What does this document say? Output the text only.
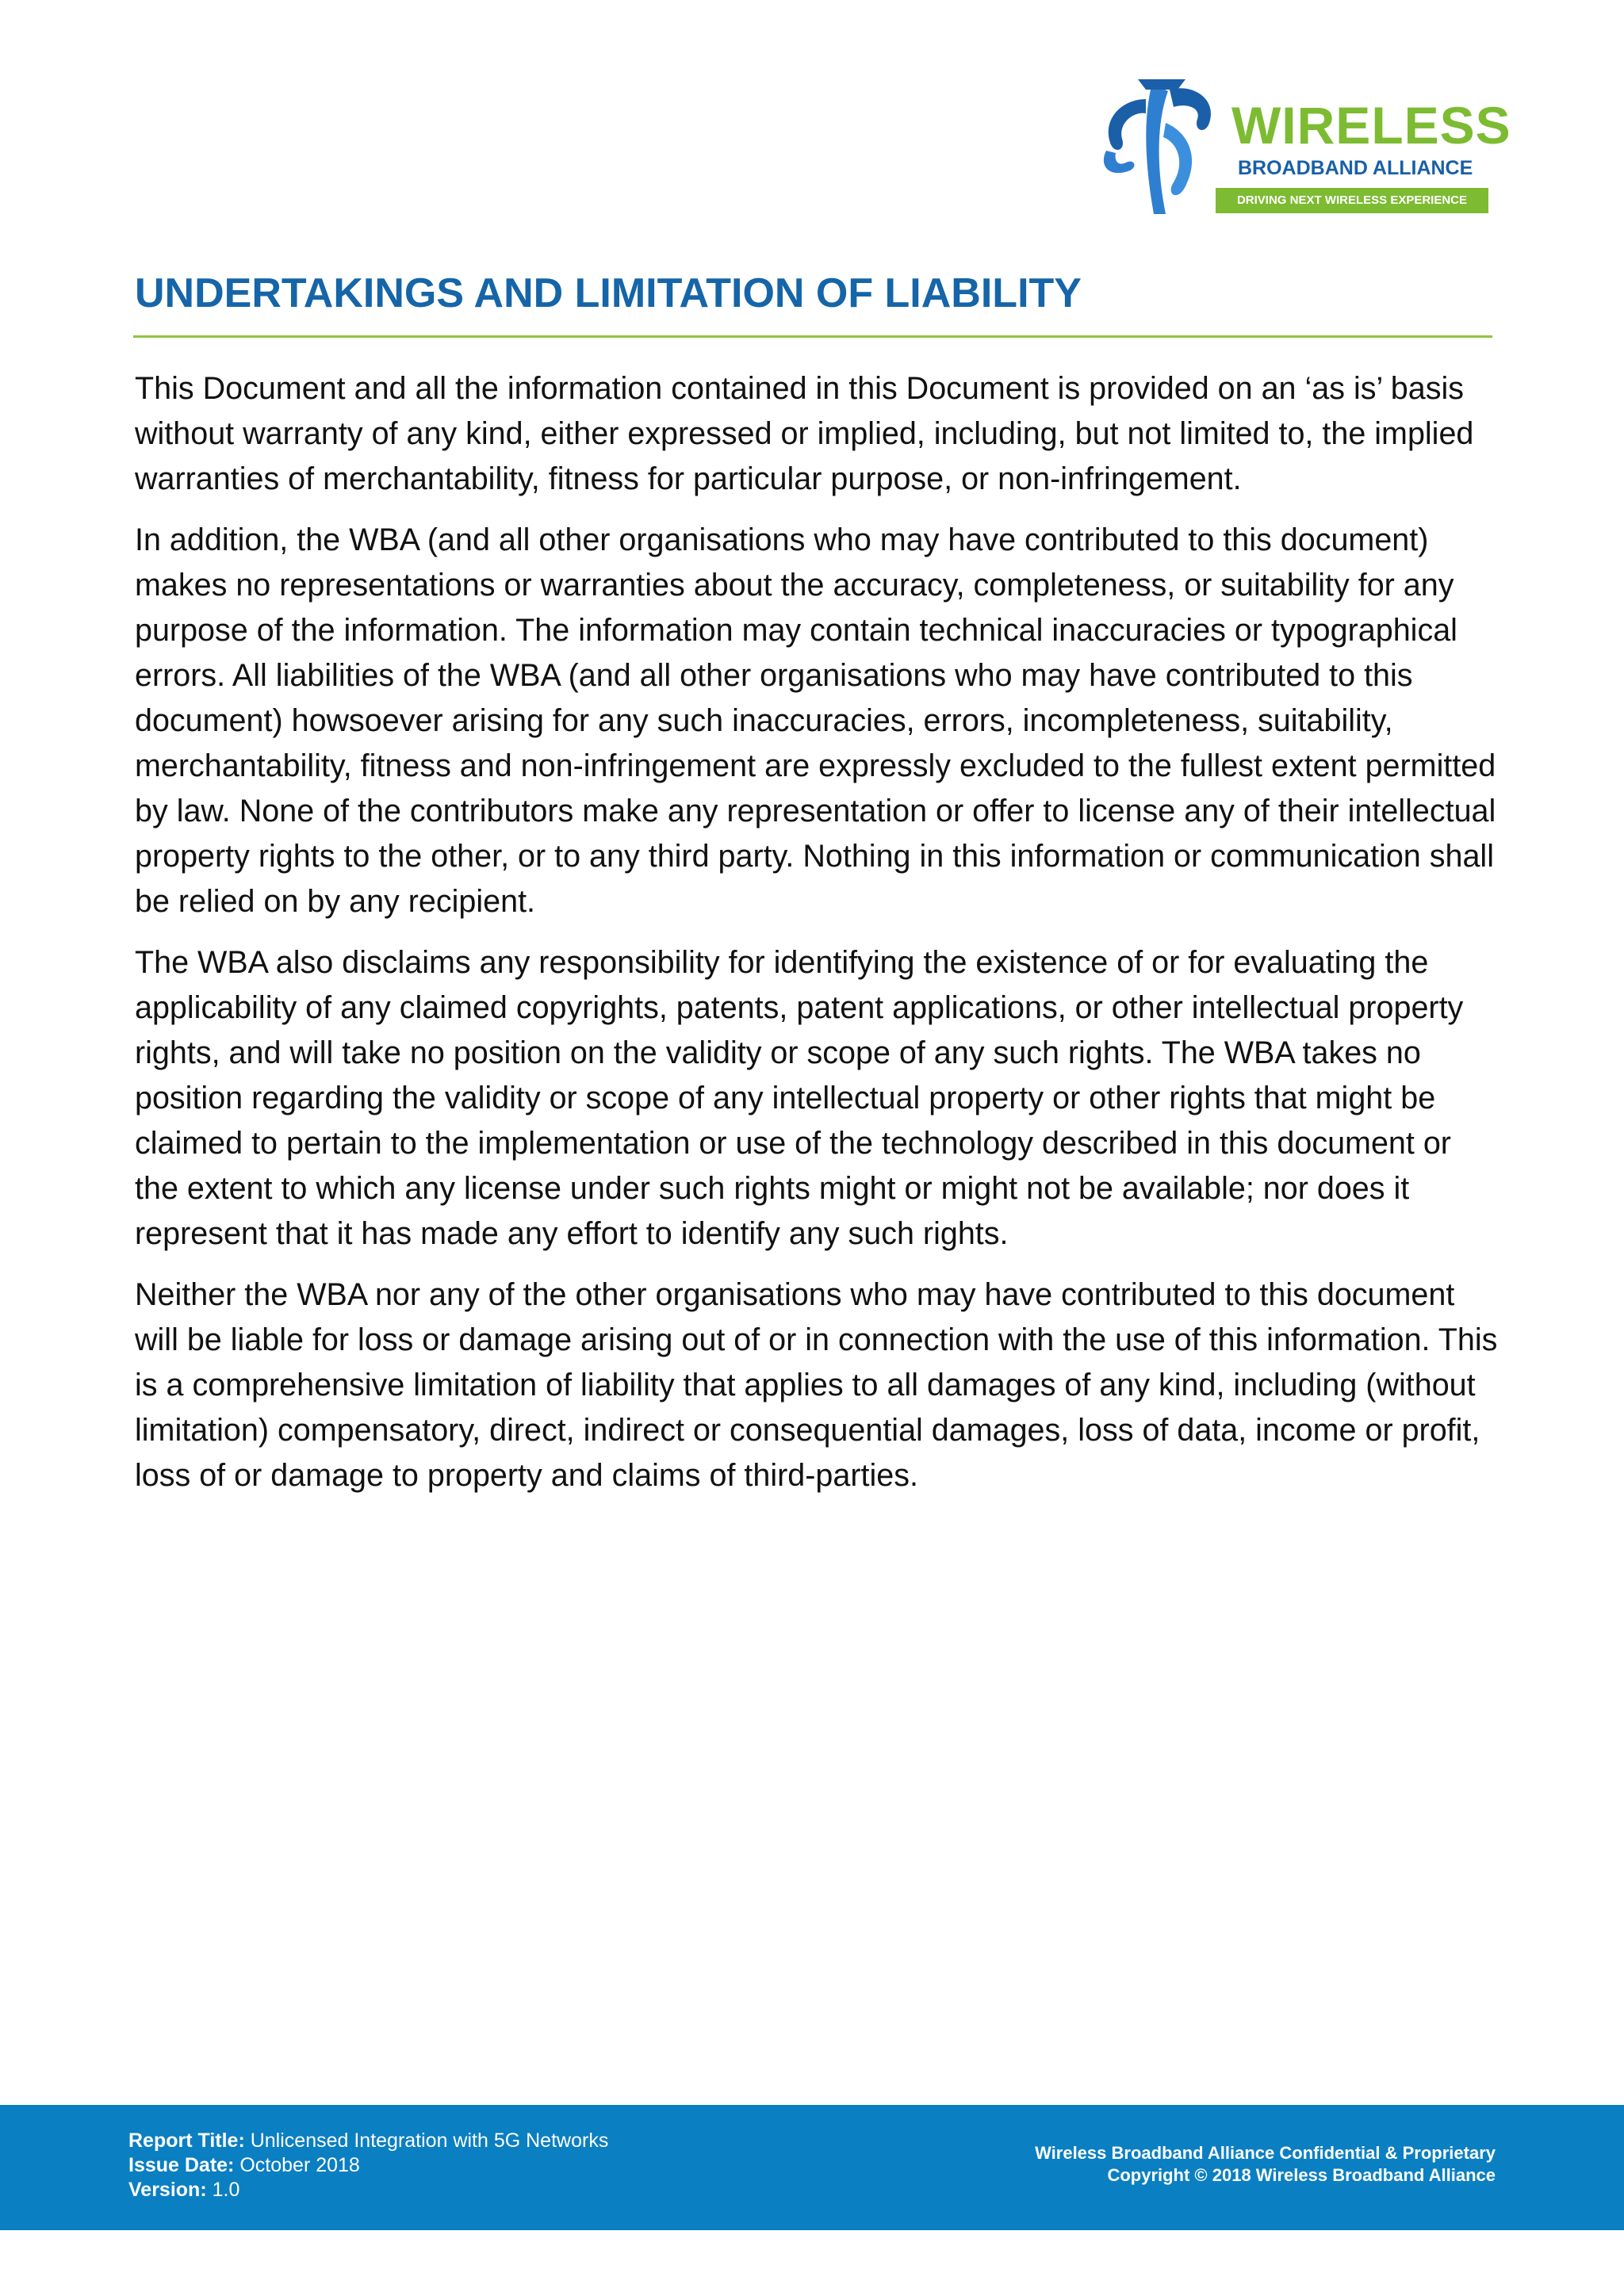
WIRELESS
BROADBAND ALLIANCE
DRIVING NEXT WIRELESS EXPERIENCE
UNDERTAKINGS AND LIMITATION OF LIABILITY

This Document and all the information contained in this Document is provided on an ‘as is’ basis without warranty of any kind, either expressed or implied, including, but not limited to, the implied warranties of merchantability, fitness for particular purpose, or non-infringement.

In addition, the WBA (and all other organisations who may have contributed to this document) makes no representations or warranties about the accuracy, completeness, or suitability for any purpose of the information. The information may contain technical inaccuracies or typographical errors. All liabilities of the WBA (and all other organisations who may have contributed to this document) howsoever arising for any such inaccuracies, errors, incompleteness, suitability, merchantability, fitness and non-infringement are expressly excluded to the fullest extent permitted by law. None of the contributors make any representation or offer to license any of their intellectual property rights to the other, or to any third party. Nothing in this information or communication shall be relied on by any recipient.

The WBA also disclaims any responsibility for identifying the existence of or for evaluating the applicability of any claimed copyrights, patents, patent applications, or other intellectual property rights, and will take no position on the validity or scope of any such rights. The WBA takes no position regarding the validity or scope of any intellectual property or other rights that might be claimed to pertain to the implementation or use of the technology described in this document or the extent to which any license under such rights might or might not be available; nor does it represent that it has made any effort to identify any such rights.

Neither the WBA nor any of the other organisations who may have contributed to this document will be liable for loss or damage arising out of or in connection with the use of this information. This is a comprehensive limitation of liability that applies to all damages of any kind, including (without limitation) compensatory, direct, indirect or consequential damages, loss of data, income or profit, loss of or damage to property and claims of third-parties.

Report Title: Unlicensed Integration with 5G Networks
Issue Date: October 2018
Version: 1.0
Wireless Broadband Alliance Confidential & Proprietary
Copyright © 2018 Wireless Broadband Alliance
